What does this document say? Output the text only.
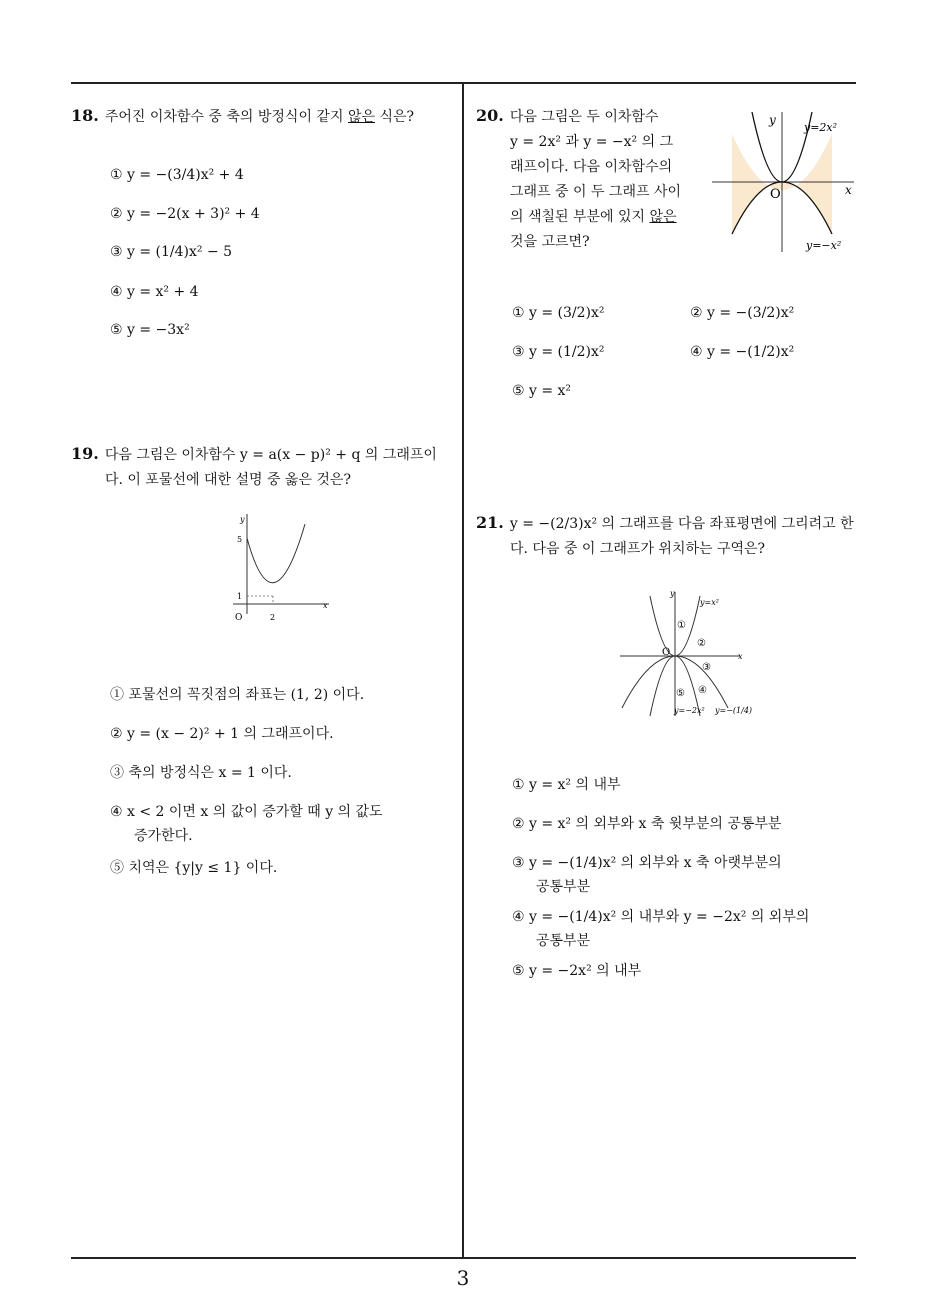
18. 주어진 이차함수 중 축의 방정식이 같지 않은 식은?
① y = −(3/4)x² + 4
② y = −2(x + 3)² + 4
③ y = (1/4)x² − 5
④ y = x² + 4
⑤ y = −3x²
19. 다음 그림은 이차함수 y = a(x − p)² + q 의 그래프이
다. 이 포물선에 대한 설명 중 옳은 것은?
y
x
5
1
O	2
① 포물선의 꼭짓점의 좌표는 (1, 2) 이다.
② y = (x − 2)² + 1 의 그래프이다.
③ 축의 방정식은 x = 1 이다.
④ x < 2 이면 x 의 값이 증가할 때 y 의 값도
증가한다.
⑤ 치역은 {y|y ≤ 1} 이다.
20. 다음 그림은 두 이차함수
y = 2x² 과 y = −x² 의 그
래프이다. 다음 이차함수의
그래프 중 이 두 그래프 사이
의 색칠된 부분에 있지 않은
것을 고르면?
y
x
O
y=2x²
y=−x²
① y = (3/2)x²	② y = −(3/2)x²
③ y = (1/2)x²	④ y = −(1/2)x²
⑤ y = x²
21. y = −(2/3)x² 의 그래프를 다음 좌표평면에 그리려고 한
다. 다음 중 이 그래프가 위치하는 구역은?
y
x
O
y=x²
①
②
③
④
⑤
y=−2x² y=−(1/4)
① y = x² 의 내부
② y = x² 의 외부와 x 축 윗부분의 공통부분
③ y = −(1/4)x² 의 외부와 x 축 아랫부분의
공통부분
④ y = −(1/4)x² 의 내부와 y = −2x² 의 외부의
공통부분
⑤ y = −2x² 의 내부
3
